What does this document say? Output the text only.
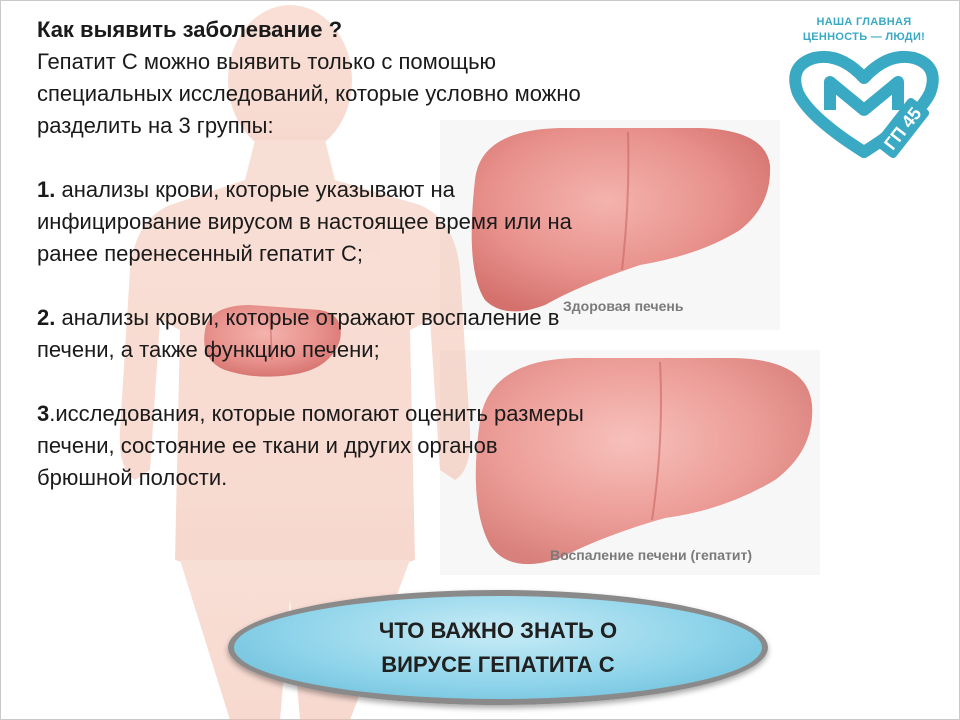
Здоровая печень
Воспаление печени (гепатит)
Как выявить заболевание ?
Гепатит С можно выявить только с помощью
специальных исследований, которые условно можно
разделить на 3 группы:
1. анализы крови, которые указывают на
инфицирование вирусом в настоящее время или на
ранее перенесенный гепатит С;
2. анализы крови, которые отражают воспаление в
печени, а также функцию печени;
3.исследования, которые помогают оценить размеры
печени, состояние ее ткани и других органов
брюшной полости.
НАША ГЛАВНАЯ
ЦЕННОСТЬ — ЛЮДИ!
ГП 45
ЧТО ВАЖНО ЗНАТЬ О
ВИРУСЕ ГЕПАТИТА С
